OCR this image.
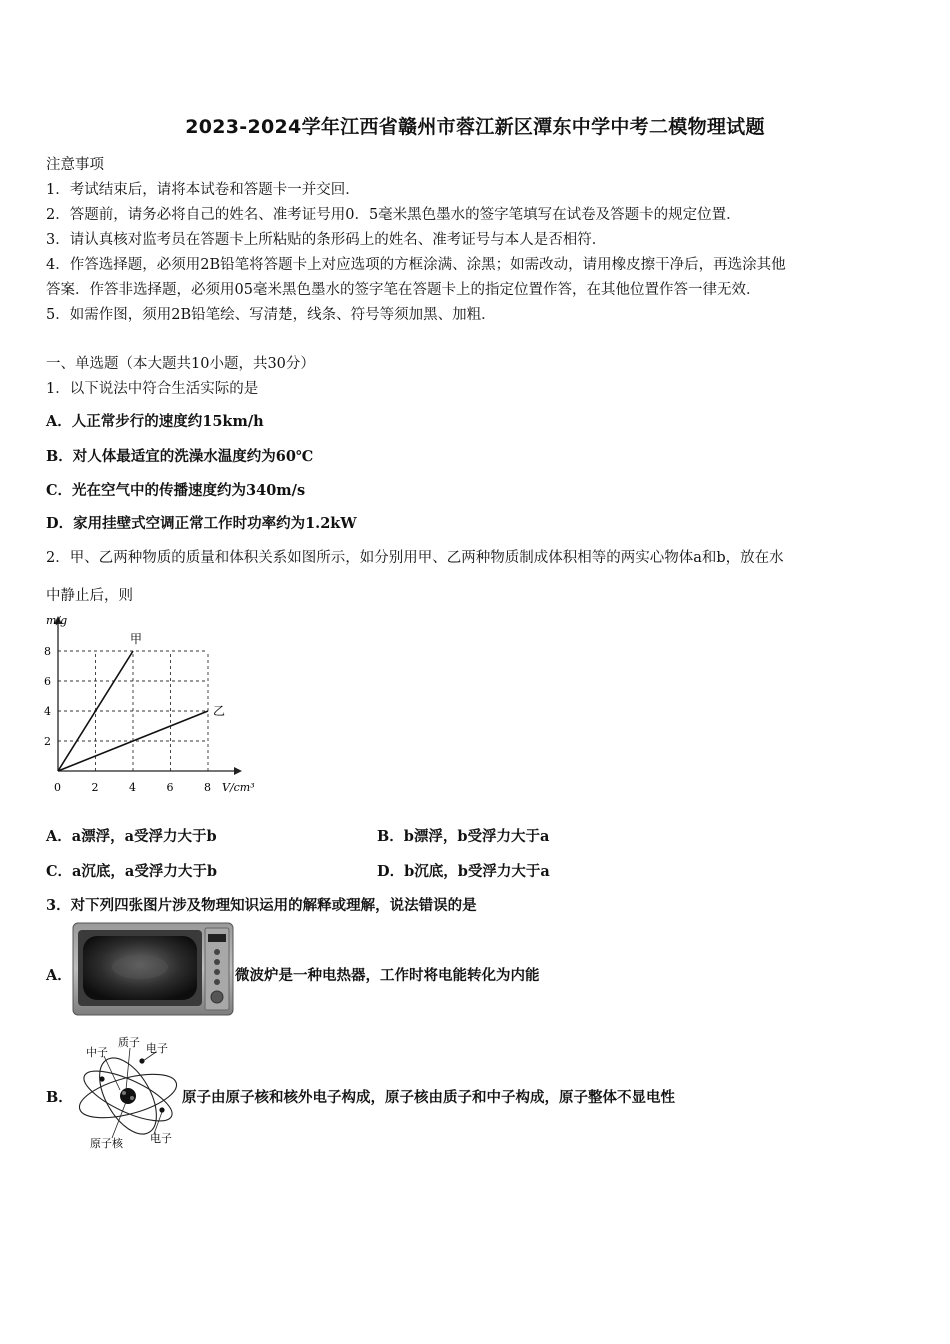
2023-2024学年江西省赣州市蓉江新区潭东中学中考二模物理试题
注意事项
1．考试结束后，请将本试卷和答题卡一并交回．
2．答题前，请务必将自己的姓名、准考证号用0．5毫米黑色墨水的签字笔填写在试卷及答题卡的规定位置．
3．请认真核对监考员在答题卡上所粘贴的条形码上的姓名、准考证号与本人是否相符．
4．作答选择题，必须用2B铅笔将答题卡上对应选项的方框涂满、涂黑；如需改动，请用橡皮擦干净后，再选涂其他
答案．作答非选择题，必须用05毫米黑色墨水的签字笔在答题卡上的指定位置作答，在其他位置作答一律无效．
5．如需作图，须用2B铅笔绘、写清楚，线条、符号等须加黑、加粗．
一、单选题（本大题共10小题，共30分）
1．以下说法中符合生活实际的是
A．人正常步行的速度约15km/h
B．对人体最适宜的洗澡水温度约为60℃
C．光在空气中的传播速度约为340m/s
D．家用挂壁式空调正常工作时功率约为1.2kW
2．甲、乙两种物质的质量和体积关系如图所示，如分别用甲、乙两种物质制成体积相等的两实心物体a和b，放在水
中静止后，则
甲
乙
0	2	4	6	8
2
4
6
8
m/g
V/cm³
A．a漂浮，a受浮力大于b	B．b漂浮，b受浮力大于a
C．a沉底，a受浮力大于b	D．b沉底，b受浮力大于a
3．对下列四张图片涉及物理知识运用的解释或理解，说法错误的是
A．	微波炉是一种电热器，工作时将电能转化为内能
B．
中子
质子 电子
原子核 电子
原子由原子核和核外电子构成，原子核由质子和中子构成，原子整体不显电性
